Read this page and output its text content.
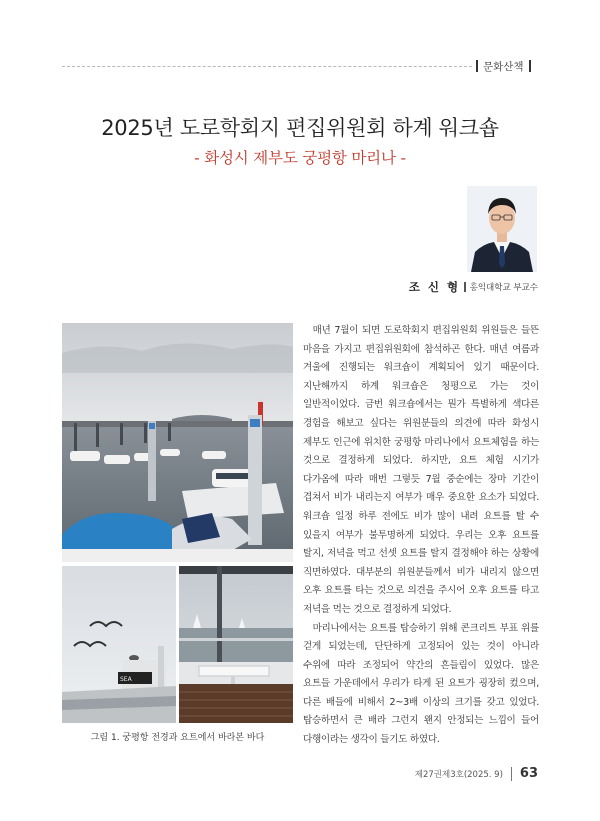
문화산책
2025년 도로학회지 편집위원회 하계 워크숍
- 화성시 제부도 궁평항 마리나 -
조 신 형 홍익대학교 부교수
SEA
그림 1. 궁평항 전경과 요트에서 바라본 바다

매년 7월이 되면 도로학회지 편집위원회 위원들은 들뜬 마음을 가지고 편집위원회에 참석하곤 한다. 매년 여름과 겨울에 진행되는 워크숍이 계획되어 있기 때문이다. 지난해까지 하계 워크숍은 청평으로 가는 것이 일반적이었다. 금번 워크숍에서는 뭔가 특별하게 색다른 경험을 해보고 싶다는 위원분들의 의견에 따라 화성시 제부도 인근에 위치한 궁평항 마리나에서 요트체험을 하는 것으로 결정하게 되었다. 하지만, 요트 체험 시기가 다가옴에 따라 매번 그렇듯 7월 중순에는 장마 기간이 겹쳐서 비가 내리는지 여부가 매우 중요한 요소가 되었다. 워크숍 일정 하루 전에도 비가 많이 내려 요트를 탈 수 있을지 여부가 불투명하게 되었다. 우리는 오후 요트를 탈지, 저녁을 먹고 선셋 요트를 탈지 결정해야 하는 상황에 직면하였다. 대부분의 위원분들께서 비가 내리지 않으면 오후 요트를 타는 것으로 의견을 주시어 오후 요트를 타고 저녁을 먹는 것으로 결정하게 되었다.

마리나에서는 요트를 탑승하기 위해 콘크리트 부표 위를 걷게 되었는데, 단단하게 고정되어 있는 것이 아니라 수위에 따라 조정되어 약간의 흔들림이 있었다. 많은 요트들 가운데에서 우리가 타게 된 요트가 굉장히 컸으며, 다른 배들에 비해서 2~3배 이상의 크기를 갖고 있었다. 탑승하면서 큰 배라 그런지 왠지 안정되는 느낌이 들어 다행이라는 생각이 들기도 하였다.

제27권제3호(2025. 9) 63
